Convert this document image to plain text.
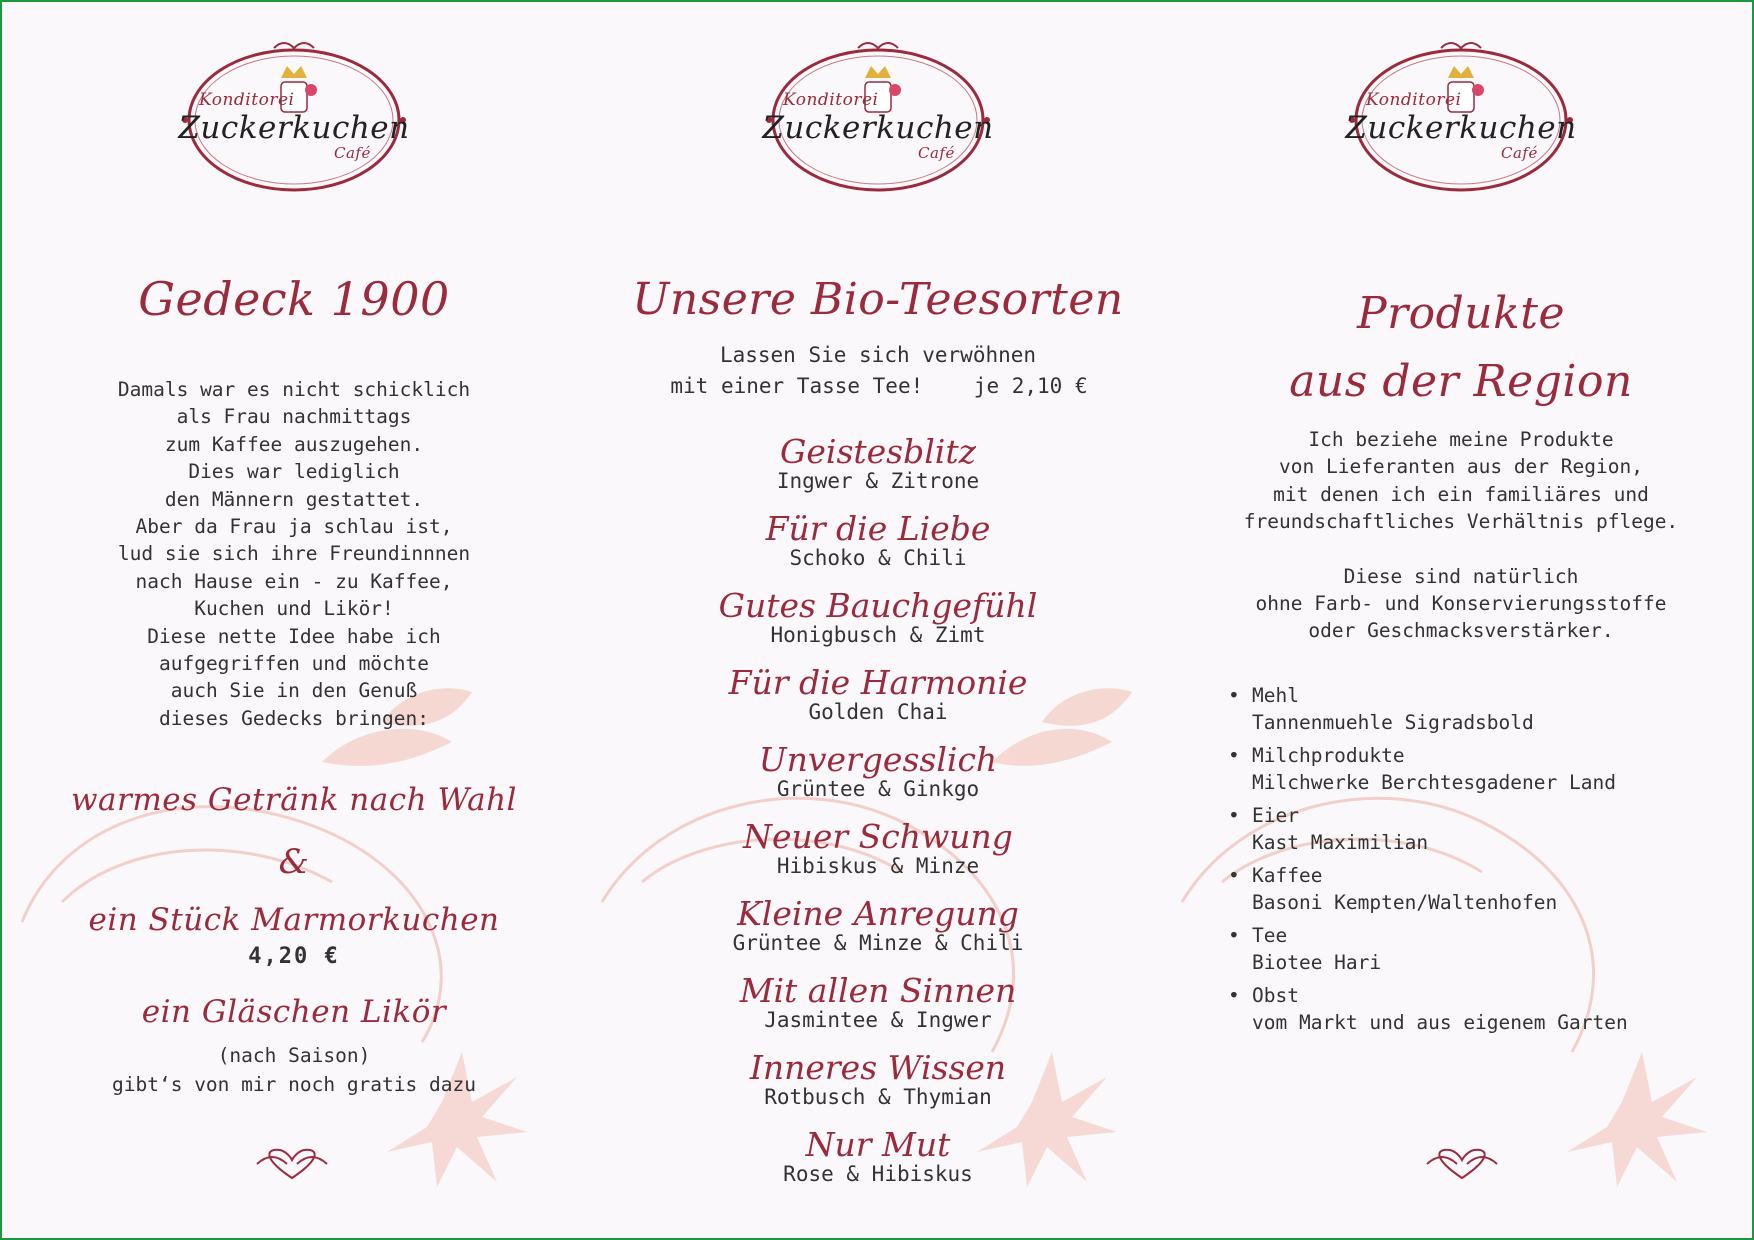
Konditorei
Zuckerkuchen
Café
Gedeck 1900
Damals war es nicht schicklich
als Frau nachmittags
zum Kaffee auszugehen.
Dies war lediglich
den Männern gestattet.
Aber da Frau ja schlau ist,
lud sie sich ihre Freundinnnen
nach Hause ein - zu Kaffee,
Kuchen und Likör!
Diese nette Idee habe ich
aufgegriffen und möchte
auch Sie in den Genuß
dieses Gedecks bringen:
warmes Getränk nach Wahl
&
ein Stück Marmorkuchen
4,20 €
ein Gläschen Likör
(nach Saison)
gibt‘s von mir noch gratis dazu
Konditorei
Zuckerkuchen
Café
Unsere Bio-Teesorten
Lassen Sie sich verwöhnen
mit einer Tasse Tee!    je 2,10 €
Geistesblitz
Ingwer & Zitrone
Für die Liebe
Schoko & Chili
Gutes Bauchgefühl
Honigbusch & Zimt
Für die Harmonie
Golden Chai
Unvergesslich
Grüntee & Ginkgo
Neuer Schwung
Hibiskus & Minze
Kleine Anregung
Grüntee & Minze & Chili
Mit allen Sinnen
Jasmintee & Ingwer
Inneres Wissen
Rotbusch & Thymian
Nur Mut
Rose & Hibiskus
Konditorei
Zuckerkuchen
Café
Produkte
aus der Region
Ich beziehe meine Produkte
von Lieferanten aus der Region,
mit denen ich ein familiäres und
freundschaftliches Verhältnis pflege.
Diese sind natürlich
ohne Farb- und Konservierungsstoffe
oder Geschmacksverstärker.
• Mehl
Tannenmuehle Sigradsbold
• Milchprodukte
Milchwerke Berchtesgadener Land
• Eier
Kast Maximilian
• Kaffee
Basoni Kempten/Waltenhofen
• Tee
Biotee Hari
• Obst
vom Markt und aus eigenem Garten
